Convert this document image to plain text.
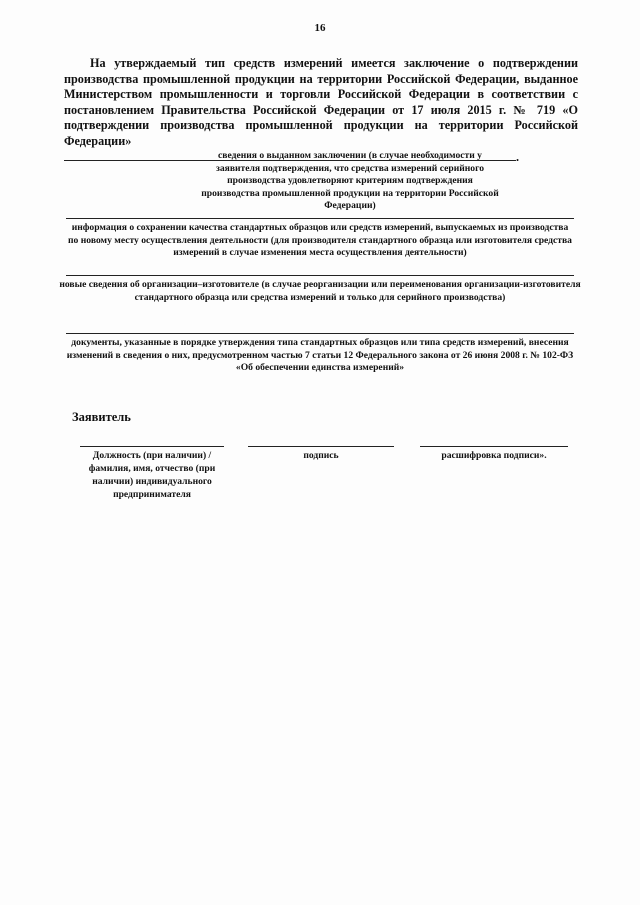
16
На утверждаемый тип средств измерений имеется заключение о подтверждении производства промышленной продукции на территории Российской Федерации, выданное Министерством промышленности и торговли Российской Федерации в соответствии с постановлением Правительства Российской Федерации от 17 июля 2015 г. № 719 «О подтверждении производства промышленной продукции на территории Российской Федерации».
сведения о выданном заключении (в случае необходимости у заявителя подтверждения, что средства измерений серийного производства удовлетворяют критериям подтверждения производства промышленной продукции на территории Российской Федерации)
информация о сохранении качества стандартных образцов или средств измерений, выпускаемых из производства по новому месту осуществления деятельности (для производителя стандартного образца или изготовителя средства измерений в случае изменения места осуществления деятельности)
новые сведения об организации–изготовителе (в случае реорганизации или переименования организации-изготовителя стандартного образца или средства измерений и только для серийного производства)
документы, указанные в порядке утверждения типа стандартных образцов или типа средств измерений, внесения изменений в сведения о них, предусмотренном частью 7 статьи 12 Федерального закона от 26 июня 2008 г. № 102-ФЗ «Об обеспечении единства измерений»
Заявитель
Должность (при наличии) / фамилия, имя, отчество (при наличии) индивидуального предпринимателя
подпись	расшифровка подписи».
